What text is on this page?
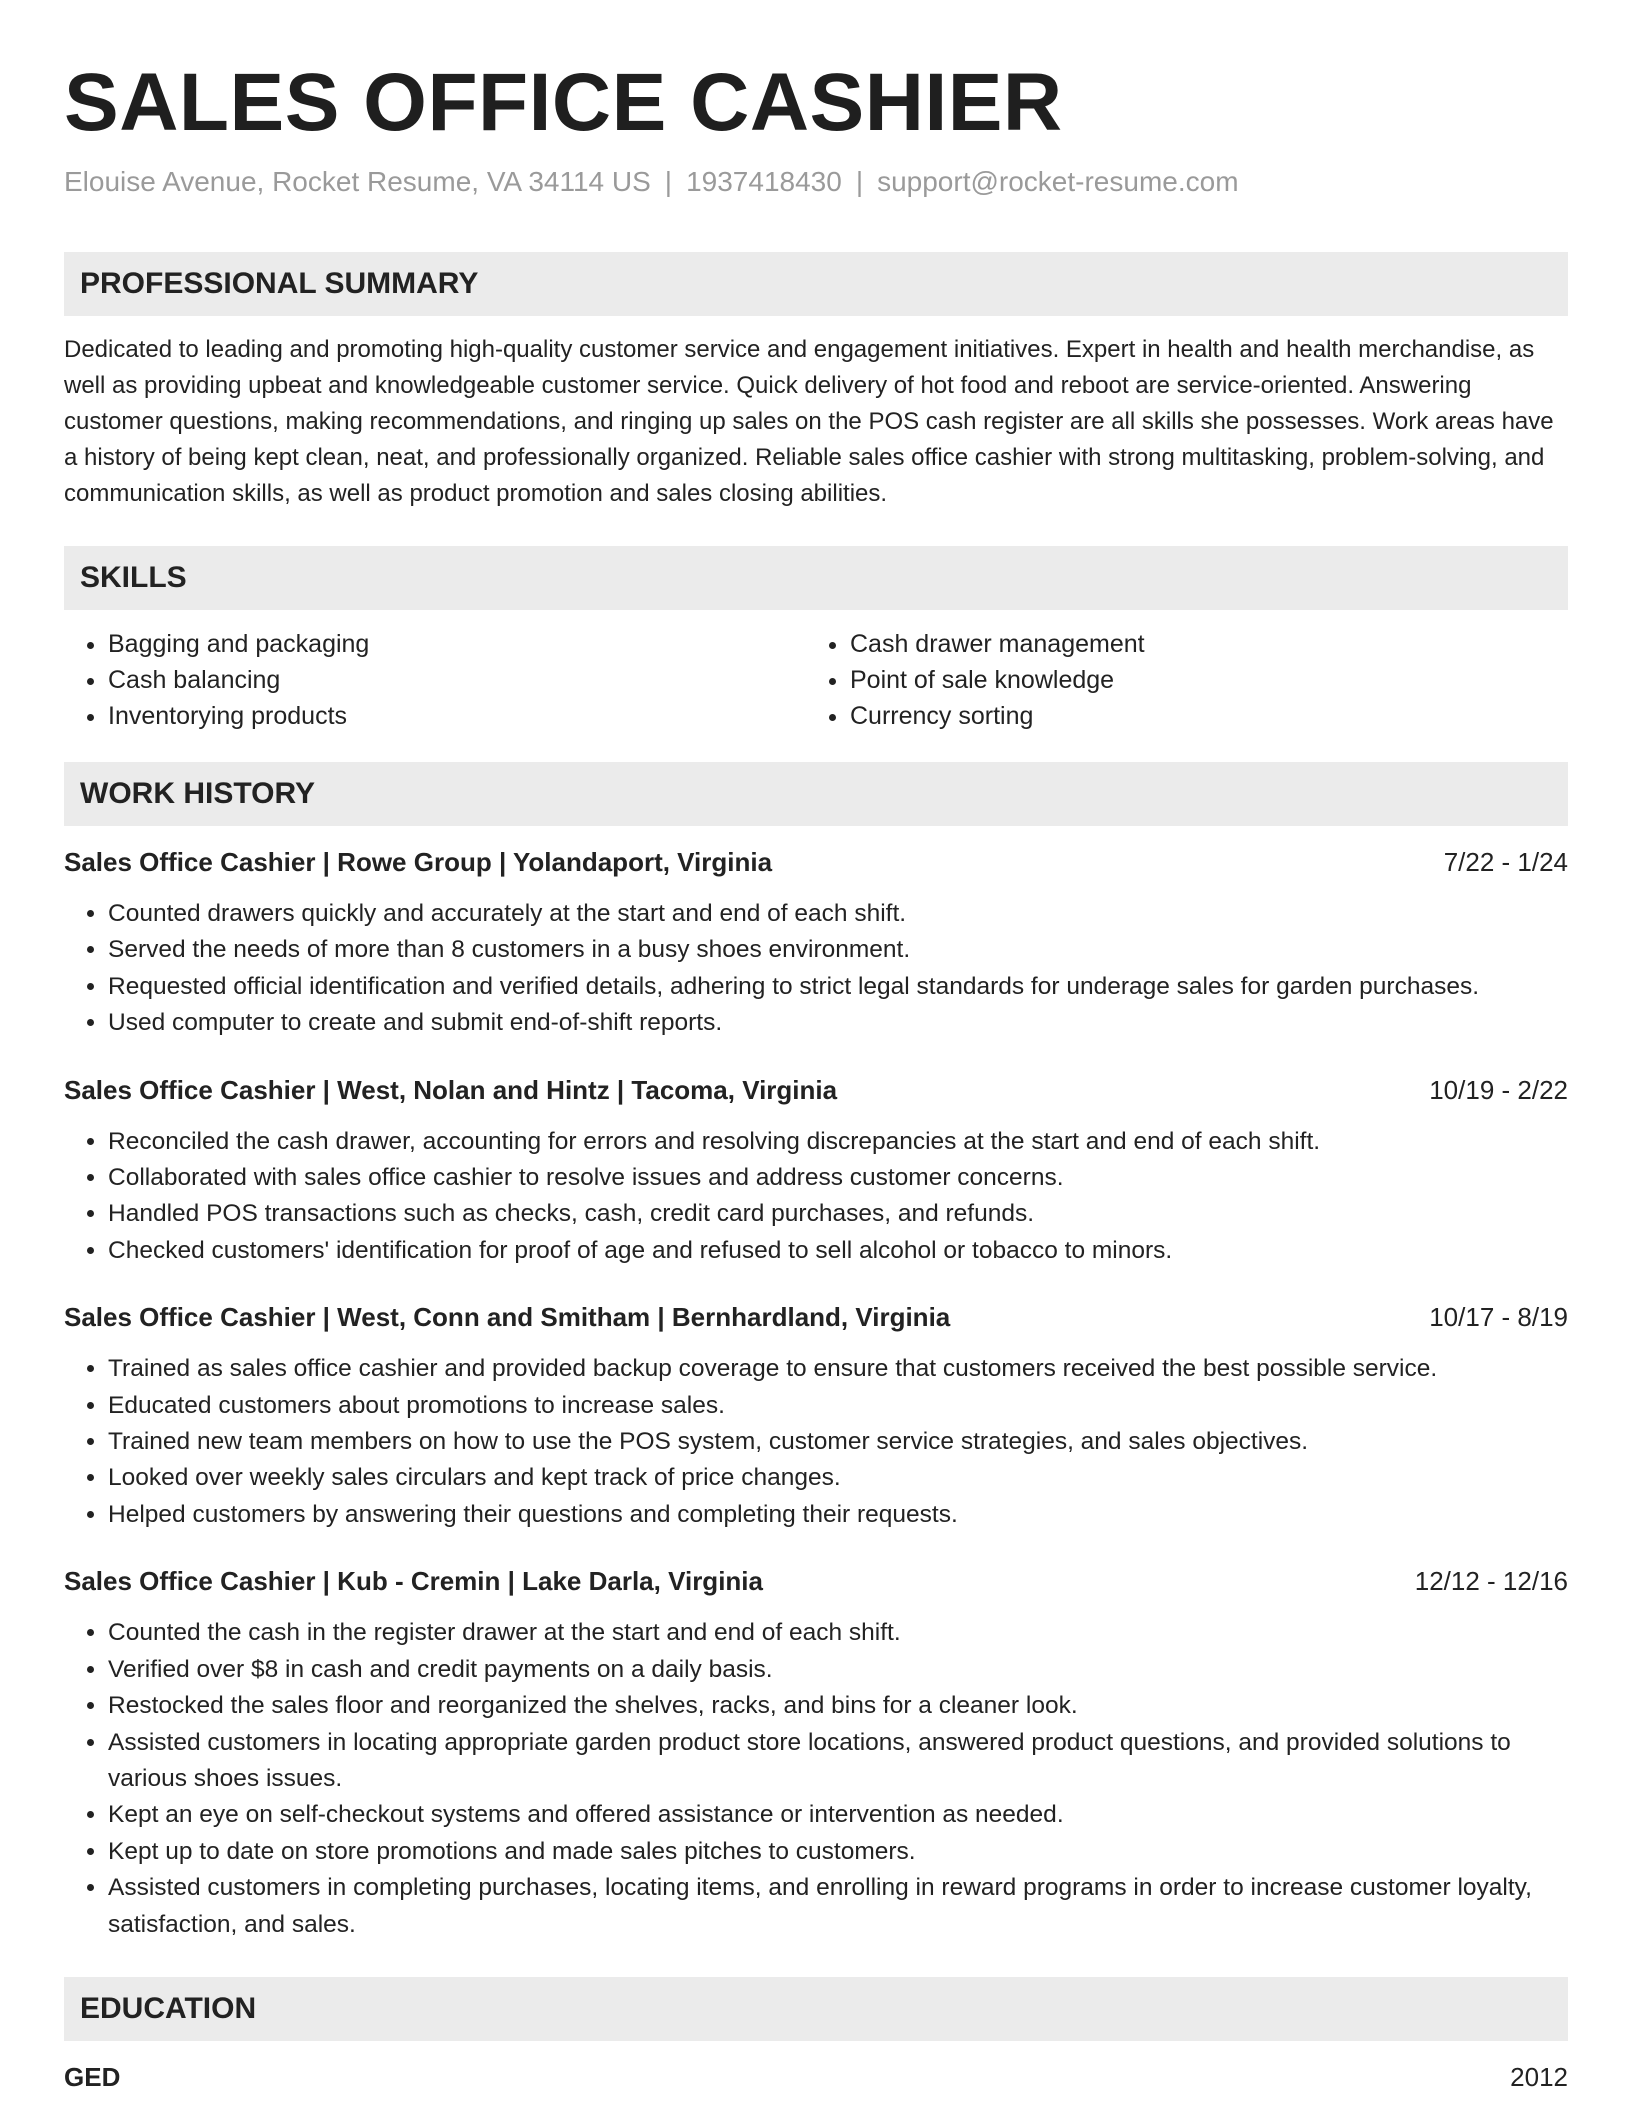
SALES OFFICE CASHIER
Elouise Avenue, Rocket Resume, VA 34114 US | 1937418430 | support@rocket-resume.com
PROFESSIONAL SUMMARY
Dedicated to leading and promoting high-quality customer service and engagement initiatives. Expert in health and health merchandise, as well as providing upbeat and knowledgeable customer service. Quick delivery of hot food and reboot are service-oriented. Answering customer questions, making recommendations, and ringing up sales on the POS cash register are all skills she possesses. Work areas have a history of being kept clean, neat, and professionally organized. Reliable sales office cashier with strong multitasking, problem-solving, and communication skills, as well as product promotion and sales closing abilities.
SKILLS
• Bagging and packaging
• Cash balancing
• Inventorying products
• Cash drawer management
• Point of sale knowledge
• Currency sorting
WORK HISTORY
Sales Office Cashier | Rowe Group | Yolandaport, Virginia	7/22 - 1/24
• Counted drawers quickly and accurately at the start and end of each shift.
• Served the needs of more than 8 customers in a busy shoes environment.
• Requested official identification and verified details, adhering to strict legal standards for underage sales for garden purchases.
• Used computer to create and submit end-of-shift reports.
Sales Office Cashier | West, Nolan and Hintz | Tacoma, Virginia	10/19 - 2/22
• Reconciled the cash drawer, accounting for errors and resolving discrepancies at the start and end of each shift.
• Collaborated with sales office cashier to resolve issues and address customer concerns.
• Handled POS transactions such as checks, cash, credit card purchases, and refunds.
• Checked customers' identification for proof of age and refused to sell alcohol or tobacco to minors.
Sales Office Cashier | West, Conn and Smitham | Bernhardland, Virginia	10/17 - 8/19
• Trained as sales office cashier and provided backup coverage to ensure that customers received the best possible service.
• Educated customers about promotions to increase sales.
• Trained new team members on how to use the POS system, customer service strategies, and sales objectives.
• Looked over weekly sales circulars and kept track of price changes.
• Helped customers by answering their questions and completing their requests.
Sales Office Cashier | Kub - Cremin | Lake Darla, Virginia	12/12 - 12/16
• Counted the cash in the register drawer at the start and end of each shift.
• Verified over $8 in cash and credit payments on a daily basis.
• Restocked the sales floor and reorganized the shelves, racks, and bins for a cleaner look.
• Assisted customers in locating appropriate garden product store locations, answered product questions, and provided solutions to various shoes issues.
• Kept an eye on self-checkout systems and offered assistance or intervention as needed.
• Kept up to date on store promotions and made sales pitches to customers.
• Assisted customers in completing purchases, locating items, and enrolling in reward programs in order to increase customer loyalty, satisfaction, and sales.
EDUCATION
GED	2012
